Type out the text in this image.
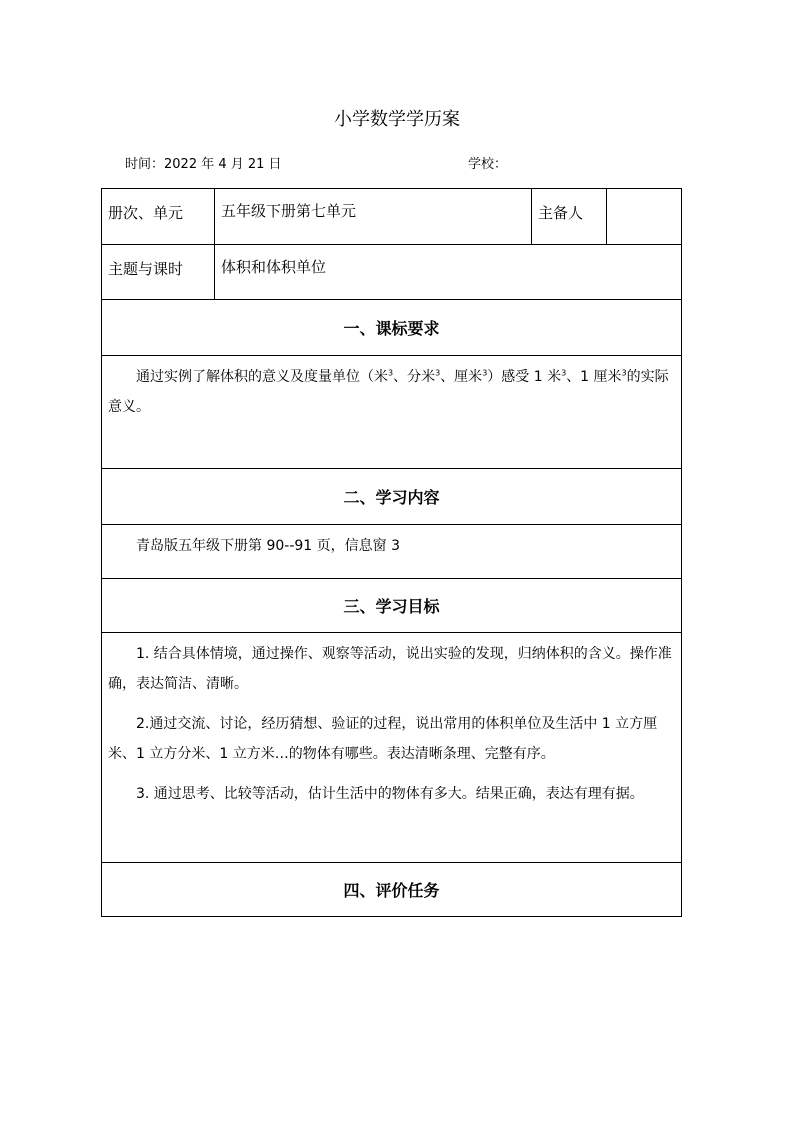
小学数学学历案
时间：2022 年 4 月 21 日	学校：
册次、单元	五年级下册第七单元	主备人	
主题与课时	体积和体积单位		
一、课标要求			

通过实例了解体积的意义及度量单位（米$^3$、分米$^3$、厘米$^3$）感受 1 米$^3$、1 厘米$^3$的实际意义。			

二、学习内容			

青岛版五年级下册第 90--91 页，信息窗 3			

三、学习目标			

1. 结合具体情境，通过操作、观察等活动，说出实验的发现，归纳体积的含义。操作准确，表达简洁、清晰。

2.通过交流、讨论，经历猜想、验证的过程，说出常用的体积单位及生活中 1 立方厘米、1 立方分米、1 立方米…的物体有哪些。表达清晰条理、完整有序。

3. 通过思考、比较等活动，估计生活中的物体有多大。结果正确，表达有理有据。			

四、评价任务			
